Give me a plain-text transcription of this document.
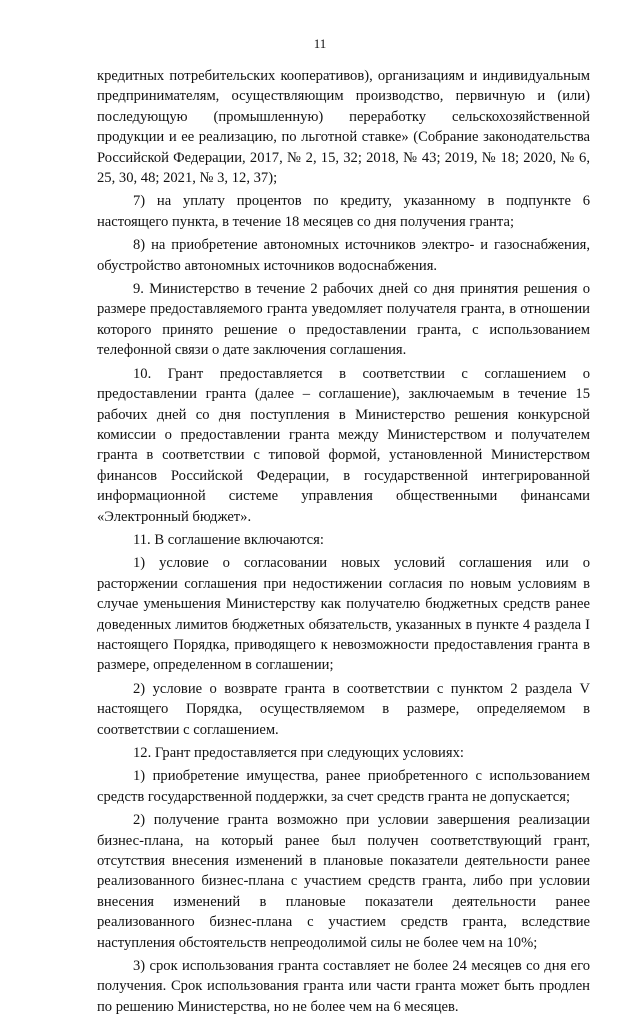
11

кредитных потребительских кооперативов), организациям и индивидуальным предпринимателям, осуществляющим производство, первичную и (или) последующую (промышленную) переработку сельскохозяйственной продукции и ее реализацию, по льготной ставке» (Собрание законодательства Российской Федерации, 2017, № 2, 15, 32; 2018, № 43; 2019, № 18; 2020, № 6, 25, 30, 48; 2021, № 3, 12, 37);

7) на уплату процентов по кредиту, указанному в подпункте 6 настоящего пункта, в течение 18 месяцев со дня получения гранта;

8) на приобретение автономных источников электро- и газоснабжения, обустройство автономных источников водоснабжения.

9. Министерство в течение 2 рабочих дней со дня принятия решения о размере предоставляемого гранта уведомляет получателя гранта, в отношении которого принято решение о предоставлении гранта, с использованием телефонной связи о дате заключения соглашения.

10. Грант предоставляется в соответствии с соглашением о предоставлении гранта (далее – соглашение), заключаемым в течение 15 рабочих дней со дня поступления в Министерство решения конкурсной комиссии о предоставлении гранта между Министерством и получателем гранта в соответствии с типовой формой, установленной Министерством финансов Российской Федерации, в государственной интегрированной информационной системе управления общественными финансами «Электронный бюджет».

11. В соглашение включаются:

1) условие о согласовании новых условий соглашения или о расторжении соглашения при недостижении согласия по новым условиям в случае уменьшения Министерству как получателю бюджетных средств ранее доведенных лимитов бюджетных обязательств, указанных в пункте 4 раздела I настоящего Порядка, приводящего к невозможности предоставления гранта в размере, определенном в соглашении;

2) условие о возврате гранта в соответствии с пунктом 2 раздела V настоящего Порядка, осуществляемом в размере, определяемом в соответствии с соглашением.

12. Грант предоставляется при следующих условиях:

1) приобретение имущества, ранее приобретенного с использованием средств государственной поддержки, за счет средств гранта не допускается;

2) получение гранта возможно при условии завершения реализации бизнес-плана, на который ранее был получен соответствующий грант, отсутствия внесения изменений в плановые показатели деятельности ранее реализованного бизнес-плана с участием средств гранта, либо при условии внесения изменений в плановые показатели деятельности ранее реализованного бизнес-плана с участием средств гранта, вследствие наступления обстоятельств непреодолимой силы не более чем на 10%;

3) срок использования гранта составляет не более 24 месяцев со дня его получения. Срок использования гранта или части гранта может быть продлен по решению Министерства, но не более чем на 6 месяцев.
